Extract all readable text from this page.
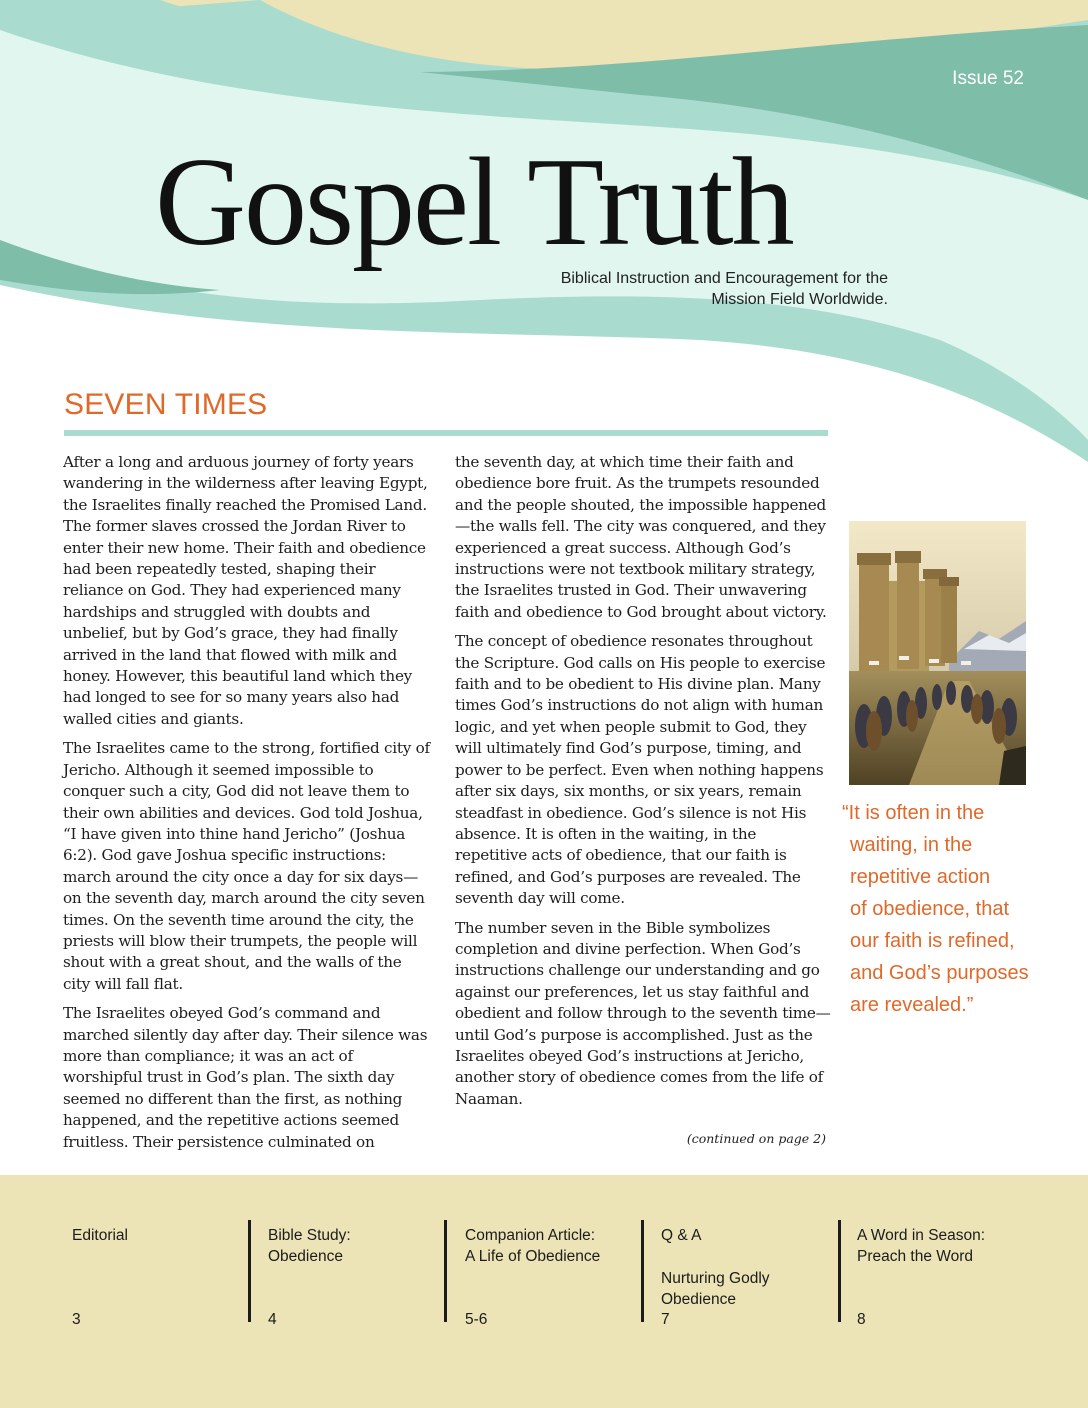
Issue 52
Gospel Truth
Biblical Instruction and Encouragement for the
Mission Field Worldwide.
SEVEN TIMES

After a long and arduous journey of forty years wandering in the wilderness after leaving Egypt, the Israelites finally reached the Promised Land. The former slaves crossed the Jordan River to enter their new home. Their faith and obedience had been repeatedly tested, shaping their reliance on God. They had experienced many hardships and struggled with doubts and unbelief, but by God’s grace, they had finally arrived in the land that flowed with milk and honey. However, this beautiful land which they had longed to see for so many years also had walled cities and giants.

The Israelites came to the strong, fortified city of Jericho. Although it seemed impossible to conquer such a city, God did not leave them to their own abilities and devices. God told Joshua, “I have given into thine hand Jericho” (Joshua 6:2). God gave Joshua specific instructions: march around the city once a day for six days—on the seventh day, march around the city seven times. On the seventh time around the city, the priests will blow their trumpets, the people will shout with a great shout, and the walls of the city will fall flat.

The Israelites obeyed God’s command and marched silently day after day. Their silence was more than compliance; it was an act of worshipful trust in God’s plan. The sixth day seemed no different than the first, as nothing happened, and the repetitive actions seemed fruitless. Their persistence culminated on

the seventh day, at which time their faith and obedience bore fruit. As the trumpets resounded and the people shouted, the impossible happened—the walls fell. The city was conquered, and they experienced a great success. Although God’s instructions were not textbook military strategy, the Israelites trusted in God. Their unwavering faith and obedience to God brought about victory.

The concept of obedience resonates throughout the Scripture. God calls on His people to exercise faith and to be obedient to His divine plan. Many times God’s instructions do not align with human logic, and yet when people submit to God, they will ultimately find God’s purpose, timing, and power to be perfect. Even when nothing happens after six days, six months, or six years, remain steadfast in obedience. God’s silence is not His absence. It is often in the waiting, in the repetitive acts of obedience, that our faith is refined, and God’s purposes are revealed. The seventh day will come.

The number seven in the Bible symbolizes completion and divine perfection. When God’s instructions challenge our understanding and go against our preferences, let us stay faithful and obedient and follow through to the seventh time—until God’s purpose is accomplished. Just as the Israelites obeyed God’s instructions at Jericho, another story of obedience comes from the life of Naaman.

(continued on page 2)
“It is often in the
waiting, in the
repetitive action
of obedience, that
our faith is refined,
and God’s purposes
are revealed.”
Editorial
3
Bible Study:
Obedience
4
Companion Article:
A Life of Obedience
5-6
Q & A
Nurturing Godly
Obedience
7
A Word in Season:
Preach the Word
8
